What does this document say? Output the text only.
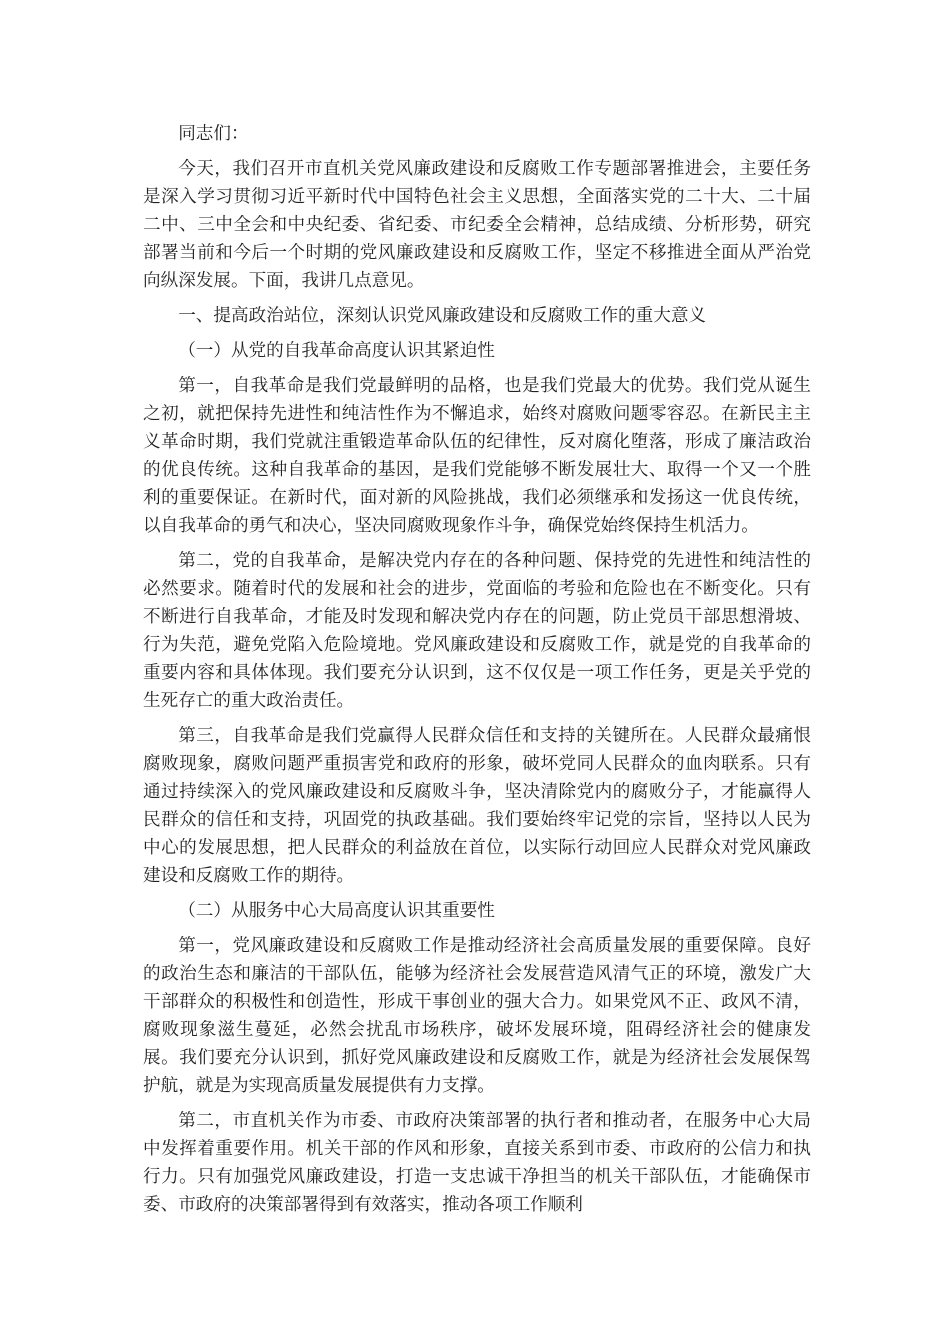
同志们：

今天，我们召开市直机关党风廉政建设和反腐败工作专题部署推进会，主要任务是深入学习贯彻习近平新时代中国特色社会主义思想，全面落实党的二十大、二十届二中、三中全会和中央纪委、省纪委、市纪委全会精神，总结成绩、分析形势，研究部署当前和今后一个时期的党风廉政建设和反腐败工作，坚定不移推进全面从严治党向纵深发展。下面，我讲几点意见。

一、提高政治站位，深刻认识党风廉政建设和反腐败工作的重大意义

（一）从党的自我革命高度认识其紧迫性

第一，自我革命是我们党最鲜明的品格，也是我们党最大的优势。我们党从诞生之初，就把保持先进性和纯洁性作为不懈追求，始终对腐败问题零容忍。在新民主主义革命时期，我们党就注重锻造革命队伍的纪律性，反对腐化堕落，形成了廉洁政治的优良传统。这种自我革命的基因，是我们党能够不断发展壮大、取得一个又一个胜利的重要保证。在新时代，面对新的风险挑战，我们必须继承和发扬这一优良传统，以自我革命的勇气和决心，坚决同腐败现象作斗争，确保党始终保持生机活力。

第二，党的自我革命，是解决党内存在的各种问题、保持党的先进性和纯洁性的必然要求。随着时代的发展和社会的进步，党面临的考验和危险也在不断变化。只有不断进行自我革命，才能及时发现和解决党内存在的问题，防止党员干部思想滑坡、行为失范，避免党陷入危险境地。党风廉政建设和反腐败工作，就是党的自我革命的重要内容和具体体现。我们要充分认识到，这不仅仅是一项工作任务，更是关乎党的生死存亡的重大政治责任。

第三，自我革命是我们党赢得人民群众信任和支持的关键所在。人民群众最痛恨腐败现象，腐败问题严重损害党和政府的形象，破坏党同人民群众的血肉联系。只有通过持续深入的党风廉政建设和反腐败斗争，坚决清除党内的腐败分子，才能赢得人民群众的信任和支持，巩固党的执政基础。我们要始终牢记党的宗旨，坚持以人民为中心的发展思想，把人民群众的利益放在首位，以实际行动回应人民群众对党风廉政建设和反腐败工作的期待。

（二）从服务中心大局高度认识其重要性

第一，党风廉政建设和反腐败工作是推动经济社会高质量发展的重要保障。良好的政治生态和廉洁的干部队伍，能够为经济社会发展营造风清气正的环境，激发广大干部群众的积极性和创造性，形成干事创业的强大合力。如果党风不正、政风不清，腐败现象滋生蔓延，必然会扰乱市场秩序，破坏发展环境，阻碍经济社会的健康发展。我们要充分认识到，抓好党风廉政建设和反腐败工作，就是为经济社会发展保驾护航，就是为实现高质量发展提供有力支撑。

第二，市直机关作为市委、市政府决策部署的执行者和推动者，在服务中心大局中发挥着重要作用。机关干部的作风和形象，直接关系到市委、市政府的公信力和执行力。只有加强党风廉政建设，打造一支忠诚干净担当的机关干部队伍，才能确保市委、市政府的决策部署得到有效落实，推动各项工作顺利
